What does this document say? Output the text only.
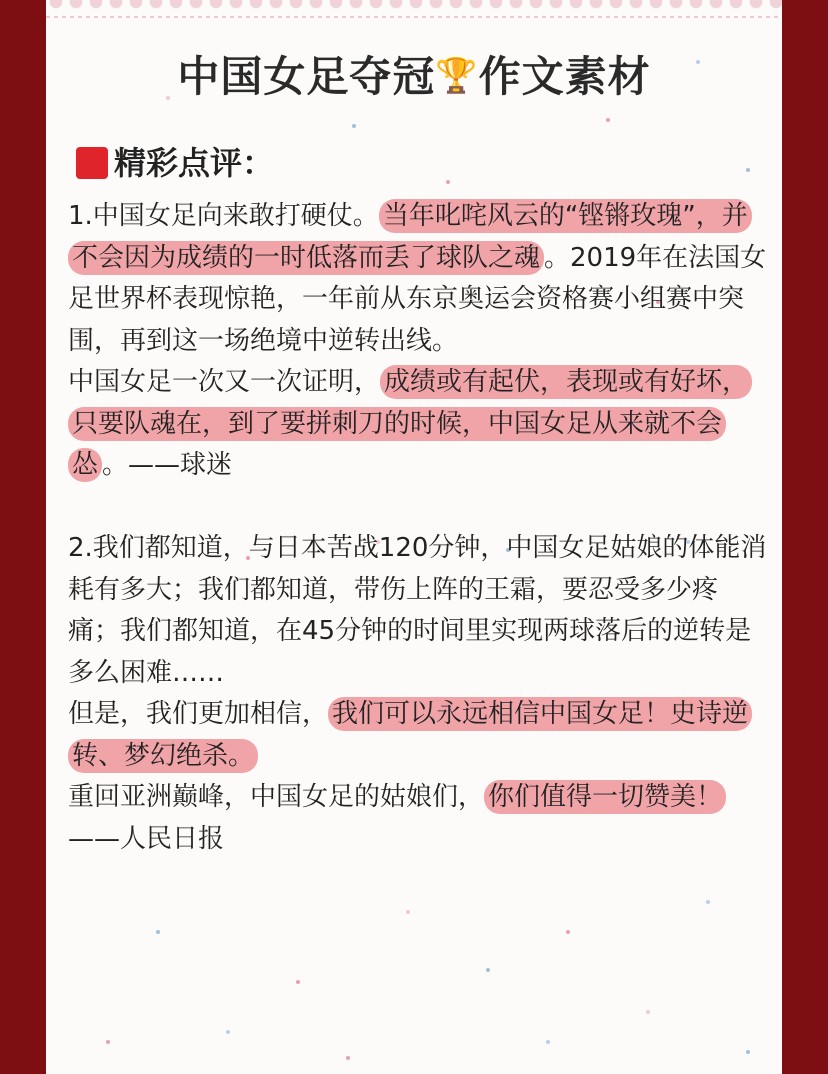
中国女足夺冠🏆作文素材
精彩点评：

1.中国女足向来敢打硬仗。 当年叱咤风云的“铿锵玫瑰”，并不会因为成绩的一时低落而丢了球队之魂 。2019年在法国女足世界杯表现惊艳，一年前从东京奥运会资格赛小组赛中突围，再到这一场绝境中逆转出线。

中国女足一次又一次证明， 成绩或有起伏，表现或有好坏，只要队魂在，到了要拼刺刀的时候，中国女足从来就不会怂 。——球迷

2.我们都知道，与日本苦战120分钟，中国女足姑娘的体能消耗有多大；我们都知道，带伤上阵的王霜，要忍受多少疼痛；我们都知道，在45分钟的时间里实现两球落后的逆转是多么困难……

但是，我们更加相信， 我们可以永远相信中国女足！史诗逆转、梦幻绝杀。

重回亚洲巅峰，中国女足的姑娘们， 你们值得一切赞美！——人民日报
